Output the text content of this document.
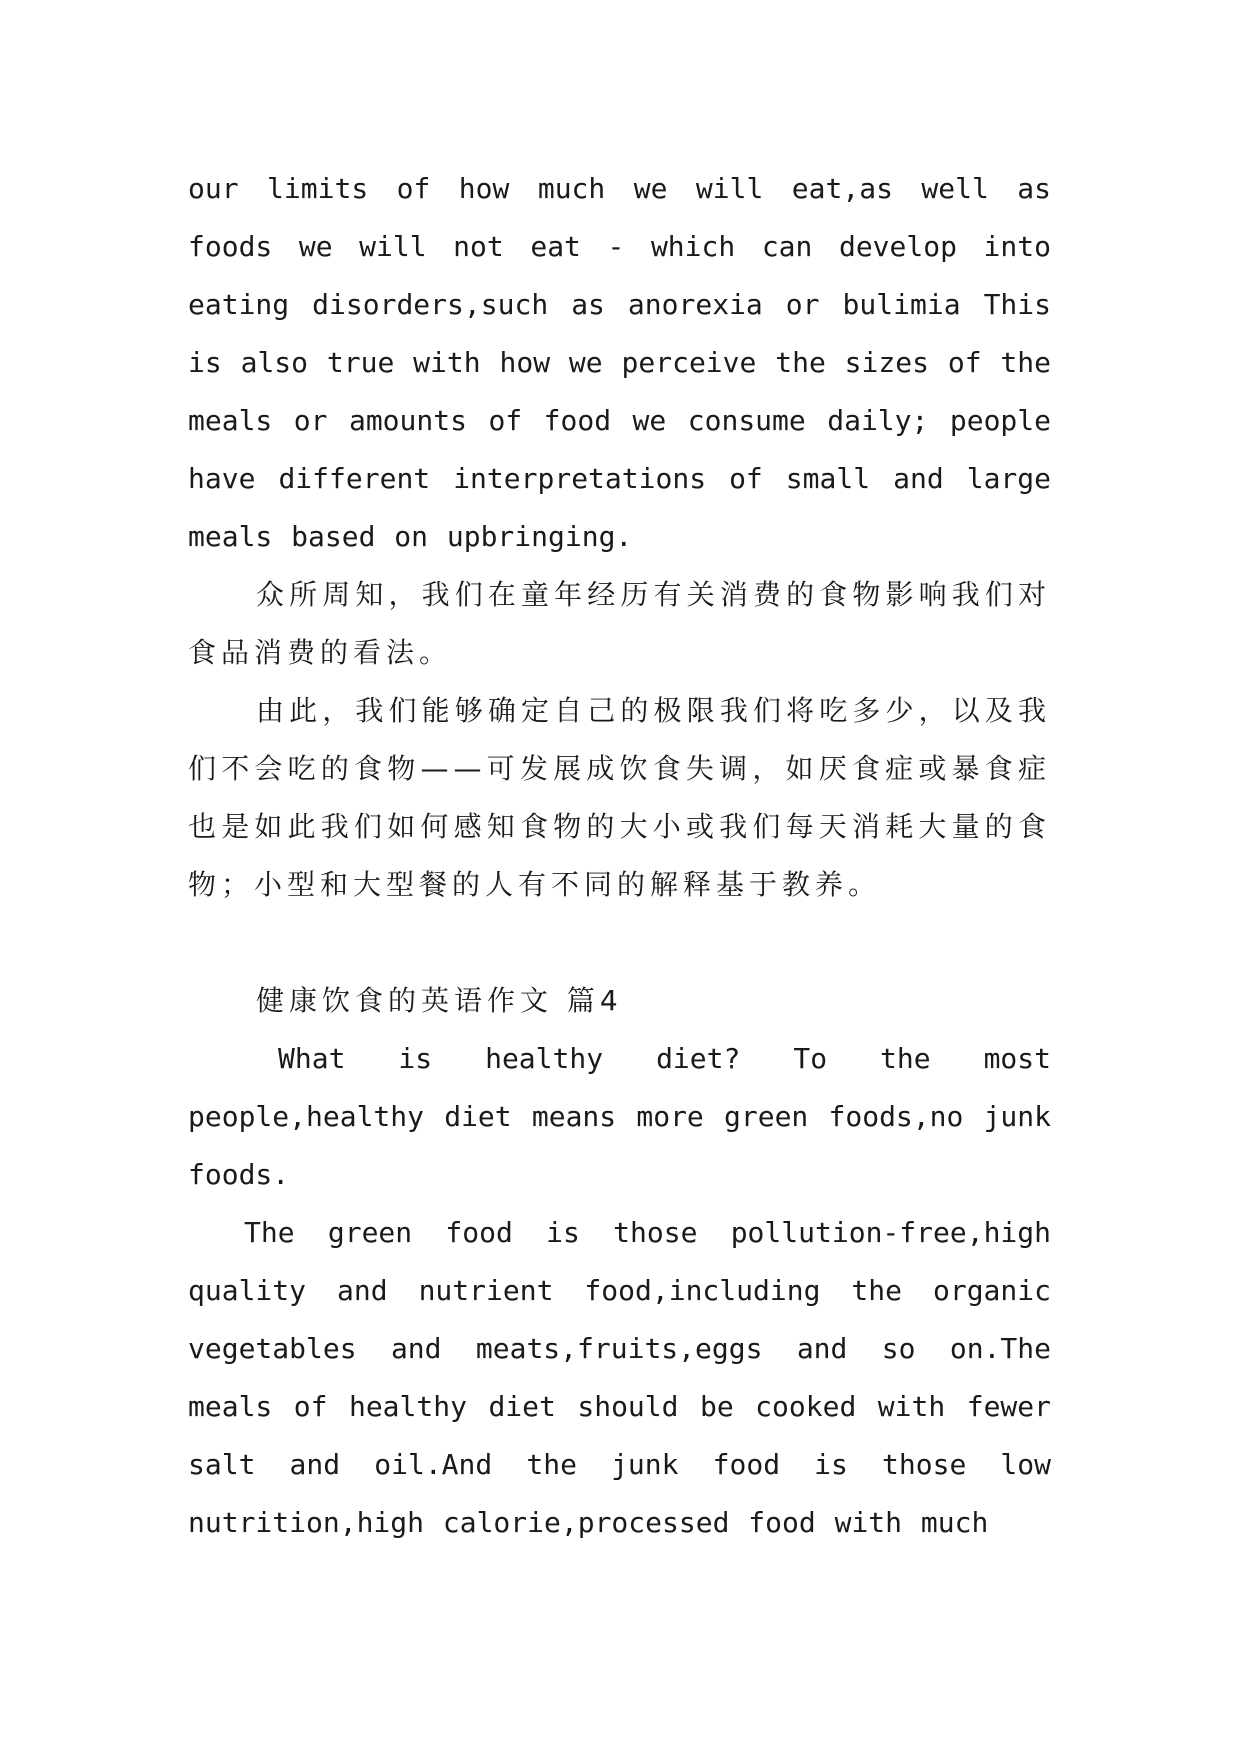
our limits of how much we will eat,as well as foods we will not eat - which can develop into eating disorders,such as anorexia or bulimia This is also true with how we perceive the sizes of the meals or amounts of food we consume daily; people have different interpretations of small and large meals based on upbringing.

众所周知，我们在童年经历有关消费的食物影响我们对食品消费的看法。

由此，我们能够确定自己的极限我们将吃多少，以及我们不会吃的食物——可发展成饮食失调，如厌食症或暴食症也是如此我们如何感知食物的大小或我们每天消耗大量的食物；小型和大型餐的人有不同的解释基于教养。

健康饮食的英语作文 篇4

What is healthy diet? To the most people,healthy diet means more green foods,no junk foods.

The green food is those pollution-free,high quality and nutrient food,including the organic vegetables and meats,fruits,eggs and so on.The meals of healthy diet should be cooked with fewer salt and oil.And the junk food is those low nutrition,high calorie,processed food with much
